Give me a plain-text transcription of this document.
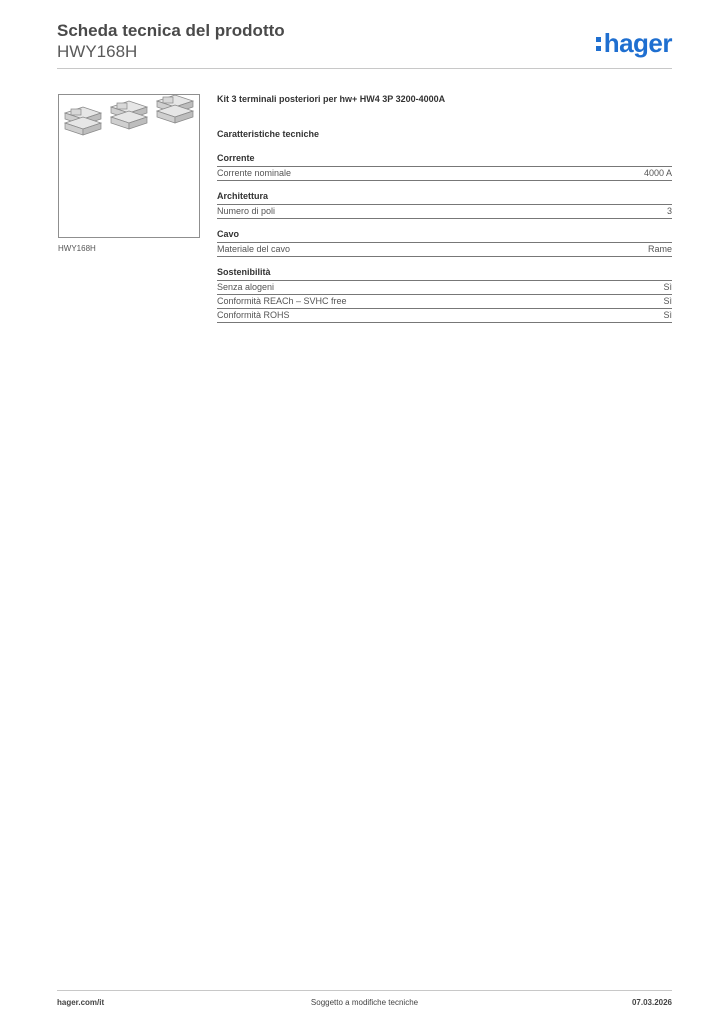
Scheda tecnica del prodotto
HWY168H	hager
HWY168H
Kit 3 terminali posteriori per hw+ HW4 3P 3200-4000A
Caratteristiche tecniche
Corrente
Corrente nominale	4000 A
Architettura
Numero di poli	3
Cavo
Materiale del cavo	Rame
Sostenibilità
Senza alogeni	Sì
Conformità REACh – SVHC free	Sì
Conformità ROHS	Sì
hager.com/it	Soggetto a modifiche tecniche	07.03.2026
